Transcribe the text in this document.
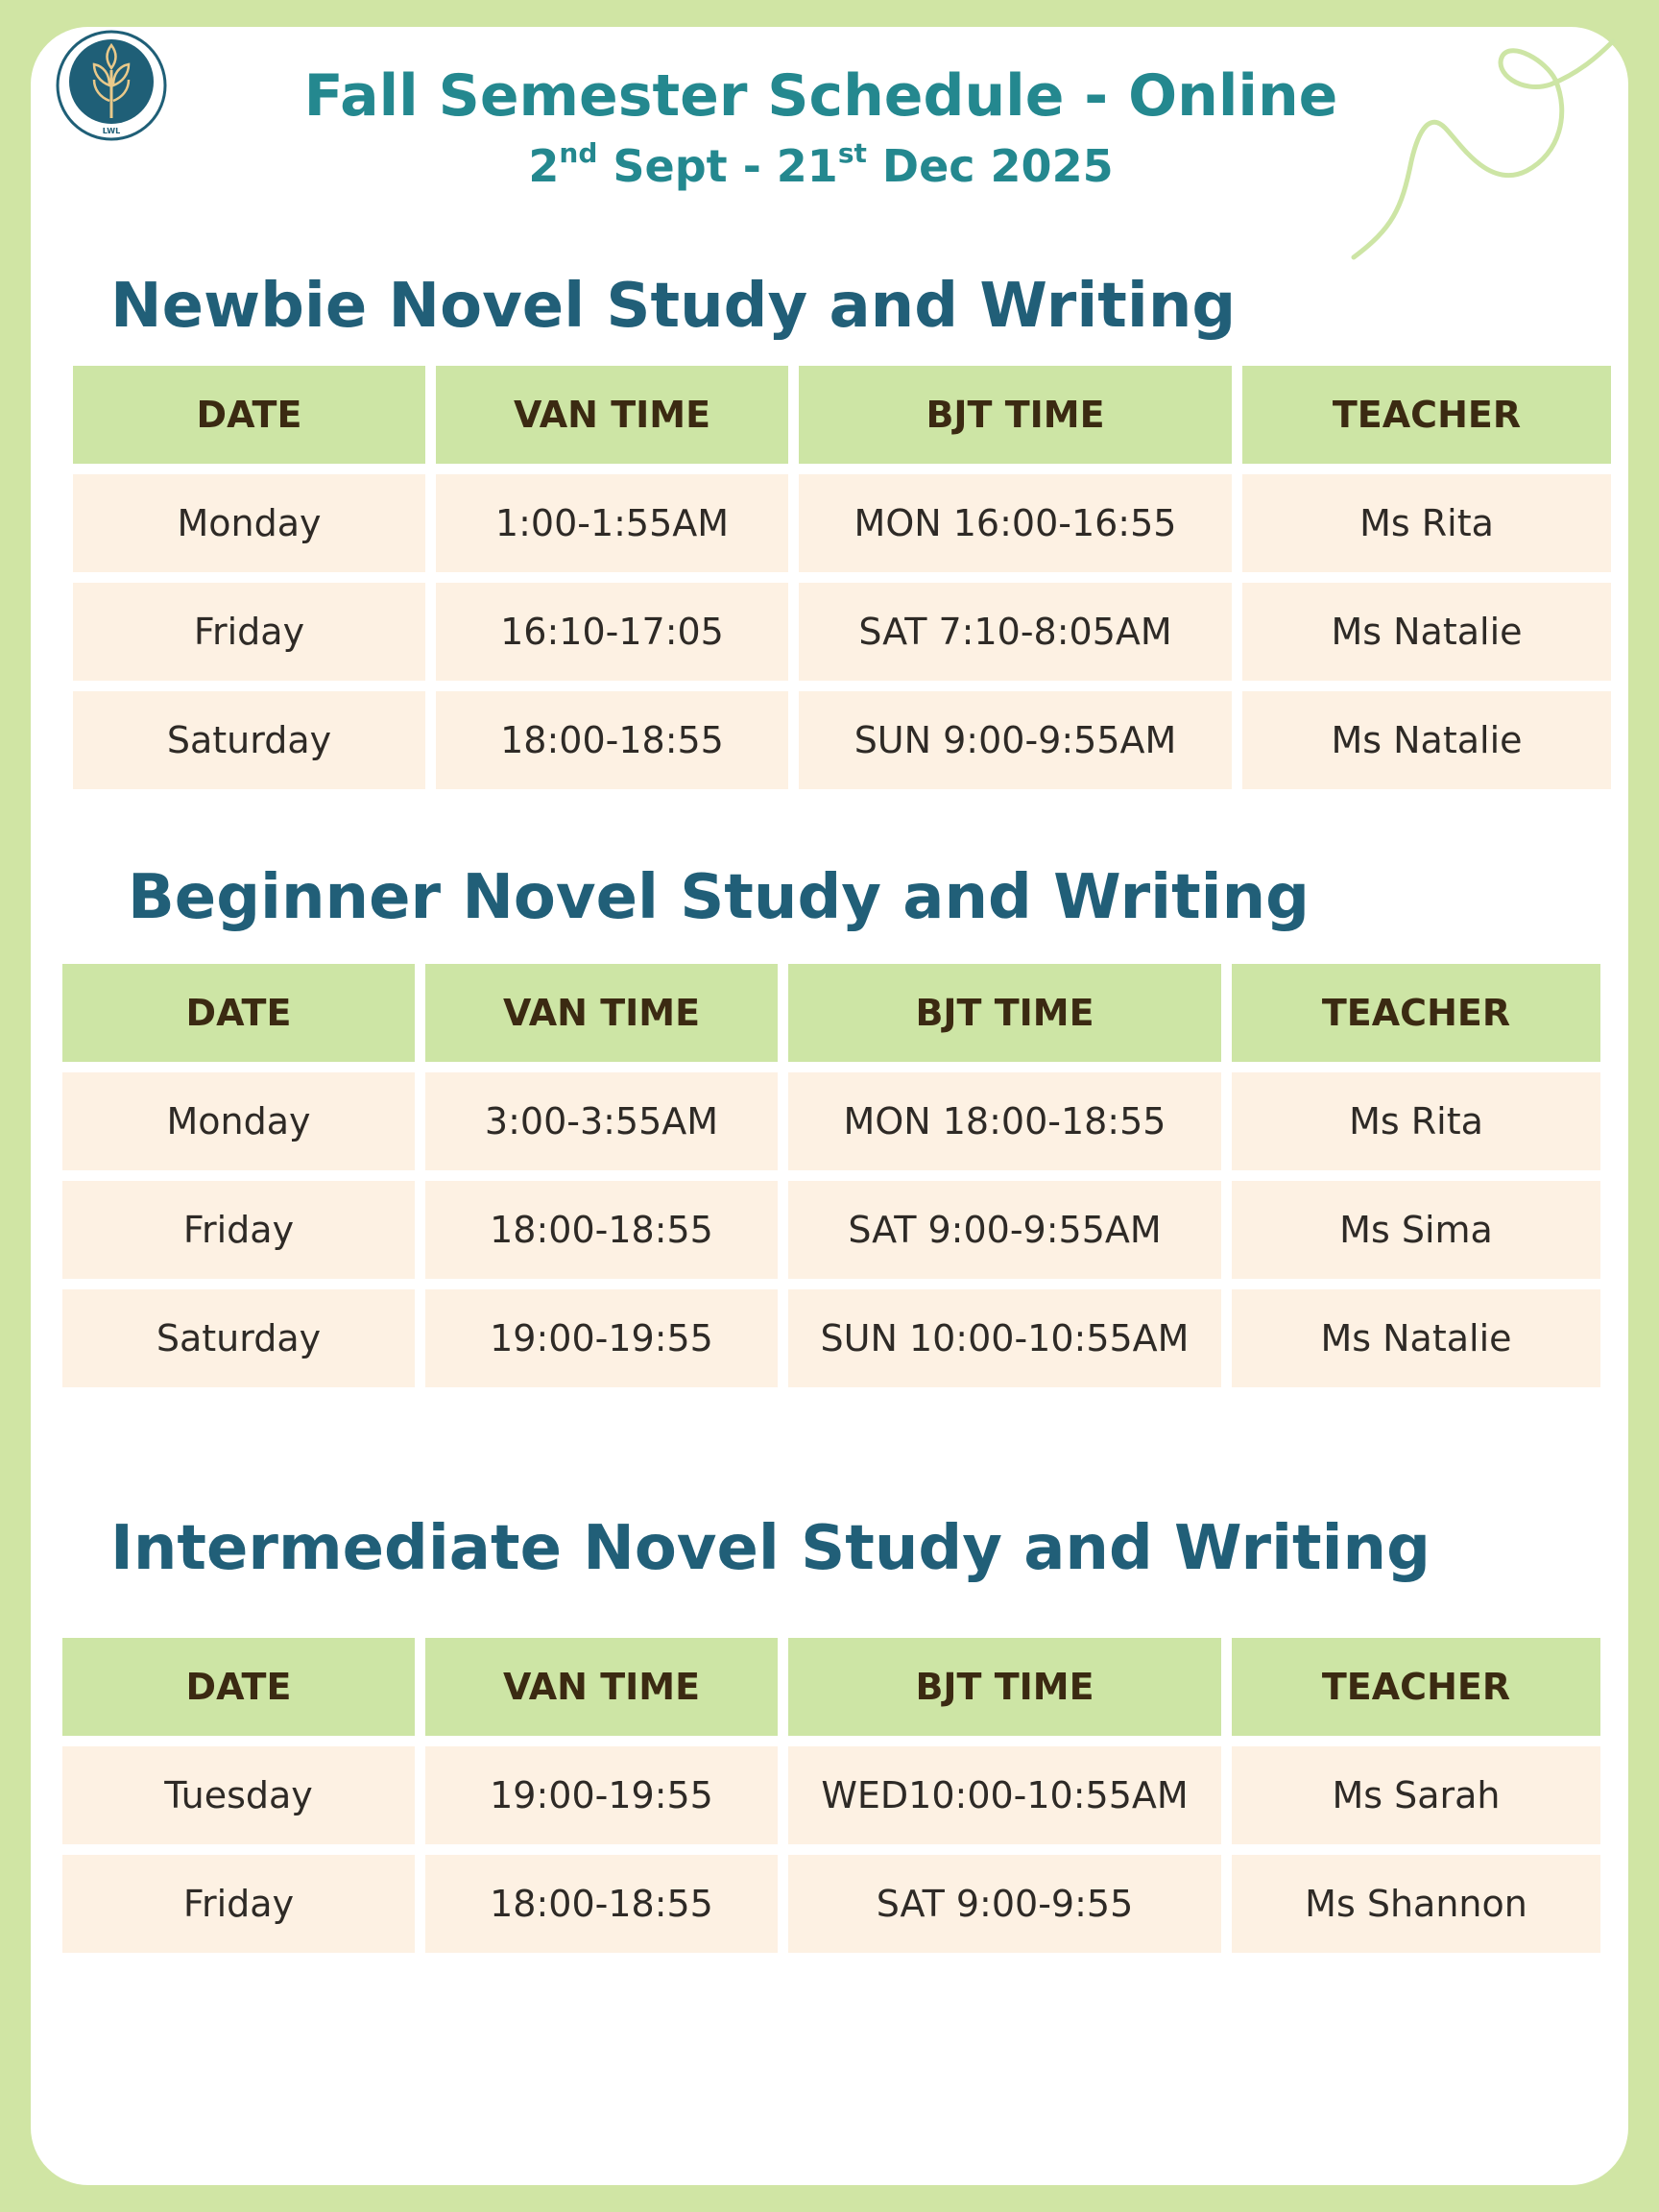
LWL
Fall Semester Schedule - Online
2nd Sept - 21st Dec 2025
Newbie Novel Study and Writing
DATE	VAN TIME	BJT TIME	TEACHER
Monday	1:00-1:55AM	MON 16:00-16:55	Ms Rita
Friday	16:10-17:05	SAT 7:10-8:05AM	Ms Natalie
Saturday	18:00-18:55	SUN 9:00-9:55AM	Ms Natalie
Beginner Novel Study and Writing
DATE	VAN TIME	BJT TIME	TEACHER
Monday	3:00-3:55AM	MON 18:00-18:55	Ms Rita
Friday	18:00-18:55	SAT 9:00-9:55AM	Ms Sima
Saturday	19:00-19:55	SUN 10:00-10:55AM	Ms Natalie
Intermediate Novel Study and Writing
DATE	VAN TIME	BJT TIME	TEACHER
Tuesday	19:00-19:55	WED10:00-10:55AM	Ms Sarah
Friday	18:00-18:55	SAT 9:00-9:55	Ms Shannon
